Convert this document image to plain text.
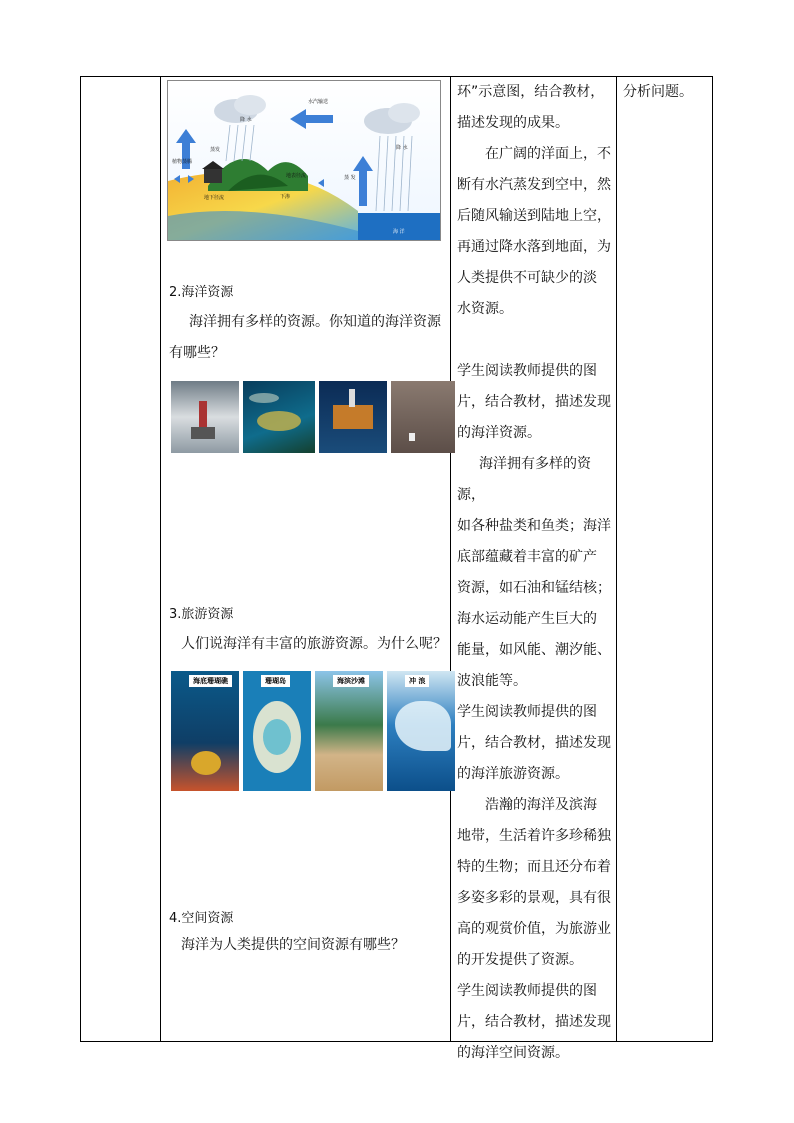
水汽输送
降 水
降 水
蒸 发
蒸发
植物蒸腾
地表径流
下渗
地下径流
海 洋
2.海洋资源
海洋拥有多样的资源。你知道的海洋资源
有哪些？
3.旅游资源
人们说海洋有丰富的旅游资源。为什么呢？
海底珊瑚礁	珊瑚岛	海滨沙滩	冲 浪
4.空间资源
海洋为人类提供的空间资源有哪些？

环”示意图，结合教材，

描述发现的成果。

在广阔的洋面上，不

断有水汽蒸发到空中，然

后随风输送到陆地上空，

再通过降水落到地面，为

人类提供不可缺少的淡

水资源。

学生阅读教师提供的图

片，结合教材，描述发现

的海洋资源。

海洋拥有多样的资源，

如各种盐类和鱼类；海洋

底部蕴藏着丰富的矿产

资源，如石油和锰结核；

海水运动能产生巨大的

能量，如风能、潮汐能、

波浪能等。

学生阅读教师提供的图

片，结合教材，描述发现

的海洋旅游资源。

浩瀚的海洋及滨海

地带，生活着许多珍稀独

特的生物；而且还分布着

多姿多彩的景观，具有很

高的观赏价值，为旅游业

的开发提供了资源。

学生阅读教师提供的图

片，结合教材，描述发现

的海洋空间资源。

分析问题。
